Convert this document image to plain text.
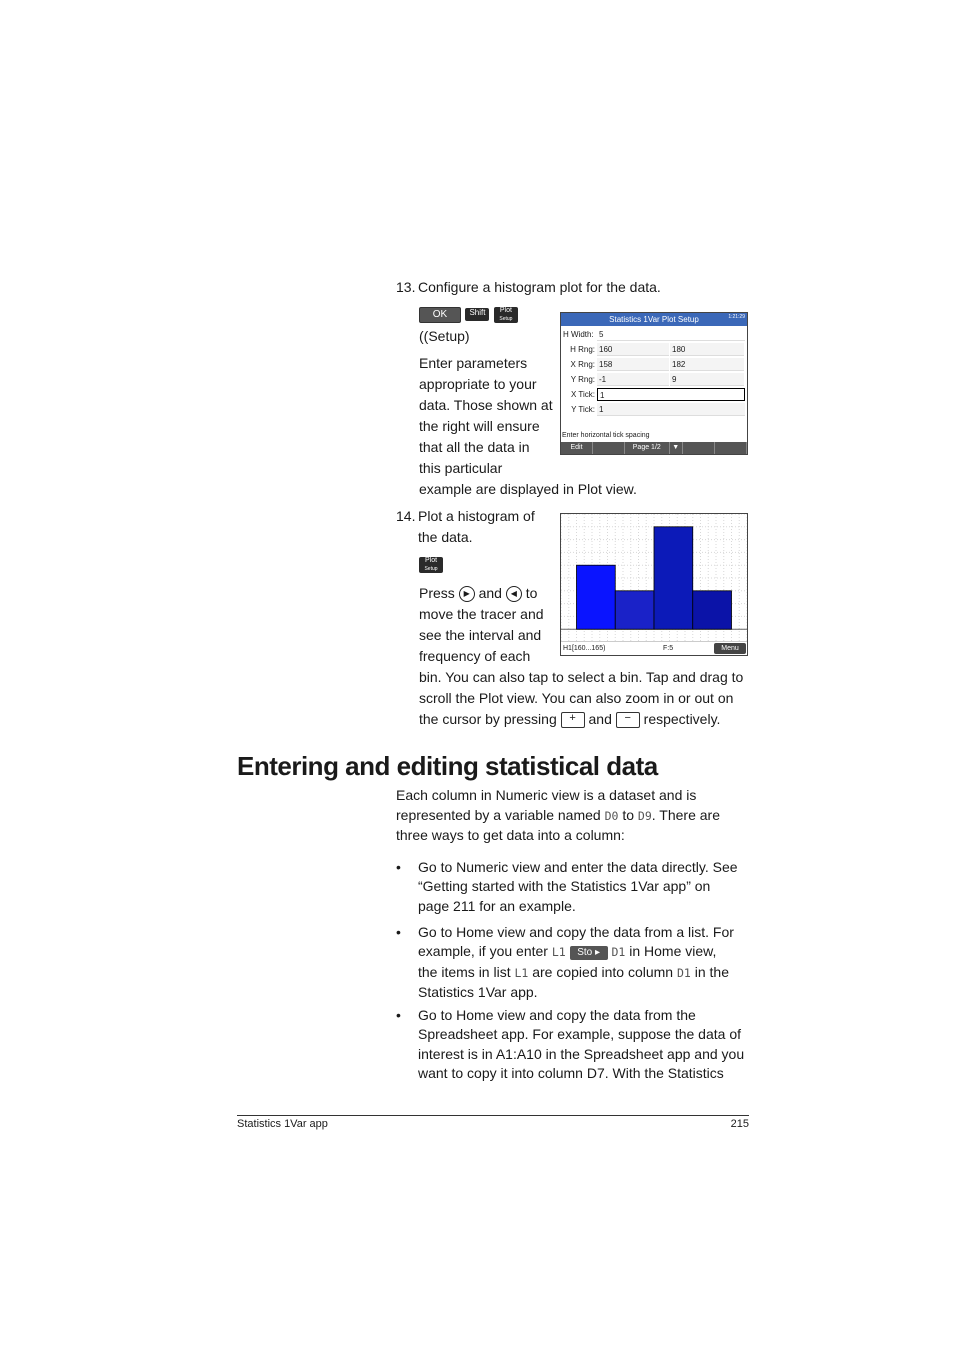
13. Configure a histogram plot for the data.
OK	Shift Plot
Setup
((Setup)
Enter parameters
appropriate to your
data. Those shown at
the right will ensure
that all the data in
this particular
example are displayed in Plot view.
Statistics 1Var Plot Setup	1:21:29
H Width: 5
H Rng: 160	180
X Rng: 158	182
Y Rng: -1	9
X Tick: 1
Y Tick: 1
Enter horizontal tick spacing
Edit	Page 1/2	▼
14. Plot a histogram of
the data.
Plot
Setup
Press ▶ and ◀ to
move the tracer and
see the interval and
frequency of each
bin. You can also tap to select a bin. Tap and drag to
scroll the Plot view. You can also zoom in or out on
the cursor by pressing + and − respectively.
H1[160...165)	F:5	Menu
Entering and editing statistical data
Each column in Numeric view is a dataset and is
represented by a variable named D0 to D9. There are
three ways to get data into a column:
• Go to Numeric view and enter the data directly. See
“Getting started with the Statistics 1Var app” on
page 211 for an example.
• Go to Home view and copy the data from a list. For
example, if you enter L1 Sto ▸ D1 in Home view,
the items in list L1 are copied into column D1 in the
Statistics 1Var app.
• Go to Home view and copy the data from the
Spreadsheet app. For example, suppose the data of
interest is in A1:A10 in the Spreadsheet app and you
want to copy it into column D7. With the Statistics
Statistics 1Var app	215
